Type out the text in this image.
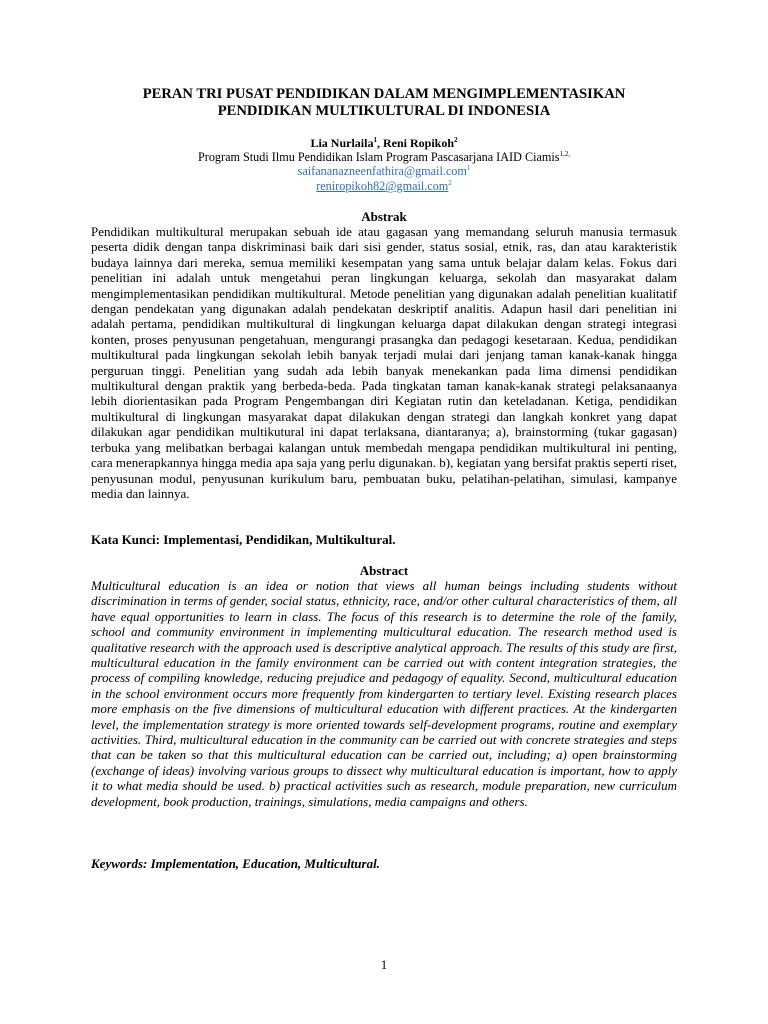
PERAN TRI PUSAT PENDIDIKAN DALAM MENGIMPLEMENTASIKAN
PENDIDIKAN MULTIKULTURAL DI INDONESIA
Lia Nurlaila$^1$, Reni Ropikoh$^2$
Program Studi Ilmu Pendidikan Islam Program Pascasarjana IAID Ciamis$^{1,2,}$
saifananazneenfathira@gmail.com$^1$
reniropikoh82@gmail.com$^2$
Abstrak
Pendidikan multikultural merupakan sebuah ide atau gagasan yang memandang seluruh manusia termasuk peserta didik dengan tanpa diskriminasi baik dari sisi gender, status sosial, etnik, ras, dan atau karakteristik budaya lainnya dari mereka, semua memiliki kesempatan yang sama untuk belajar dalam kelas. Fokus dari penelitian ini adalah untuk mengetahui peran lingkungan keluarga, sekolah dan masyarakat dalam mengimplementasikan pendidikan multikultural. Metode penelitian yang digunakan adalah penelitian kualitatif dengan pendekatan yang digunakan adalah pendekatan deskriptif analitis. Adapun hasil dari penelitian ini adalah pertama, pendidikan multikultural di lingkungan keluarga dapat dilakukan dengan strategi integrasi konten, proses penyusunan pengetahuan, mengurangi prasangka dan pedagogi kesetaraan. Kedua, pendidikan multikultural pada lingkungan sekolah lebih banyak terjadi mulai dari jenjang taman kanak-kanak hingga perguruan tinggi. Penelitian yang sudah ada lebih banyak menekankan pada lima dimensi pendidikan multikultural dengan praktik yang berbeda-beda. Pada tingkatan taman kanak-kanak strategi pelaksanaanya lebih diorientasikan pada Program Pengembangan diri Kegiatan rutin dan keteladanan. Ketiga, pendidikan multikultural di lingkungan masyarakat dapat dilakukan dengan strategi dan langkah konkret yang dapat dilakukan agar pendidikan multikutural ini dapat terlaksana, diantaranya; a), brainstorming (tukar gagasan) terbuka yang melibatkan berbagai kalangan untuk membedah mengapa pendidikan multikultural ini penting, cara menerapkannya hingga media apa saja yang perlu digunakan. b), kegiatan yang bersifat praktis seperti riset, penyusunan modul, penyusunan kurikulum baru, pembuatan buku, pelatihan-pelatihan, simulasi, kampanye media dan lainnya.
Kata Kunci: Implementasi, Pendidikan, Multikultural.
Abstract
Multicultural education is an idea or notion that views all human beings including students without discrimination in terms of gender, social status, ethnicity, race, and/or other cultural characteristics of them, all have equal opportunities to learn in class. The focus of this research is to determine the role of the family, school and community environment in implementing multicultural education. The research method used is qualitative research with the approach used is descriptive analytical approach. The results of this study are first, multicultural education in the family environment can be carried out with content integration strategies, the process of compiling knowledge, reducing prejudice and pedagogy of equality. Second, multicultural education in the school environment occurs more frequently from kindergarten to tertiary level. Existing research places more emphasis on the five dimensions of multicultural education with different practices. At the kindergarten level, the implementation strategy is more oriented towards self-development programs, routine and exemplary activities. Third, multicultural education in the community can be carried out with concrete strategies and steps that can be taken so that this multicultural education can be carried out, including; a) open brainstorming (exchange of ideas) involving various groups to dissect why multicultural education is important, how to apply it to what media should be used. b) practical activities such as research, module preparation, new curriculum development, book production, trainings, simulations, media campaigns and others.
Keywords: Implementation, Education, Multicultural.
1
